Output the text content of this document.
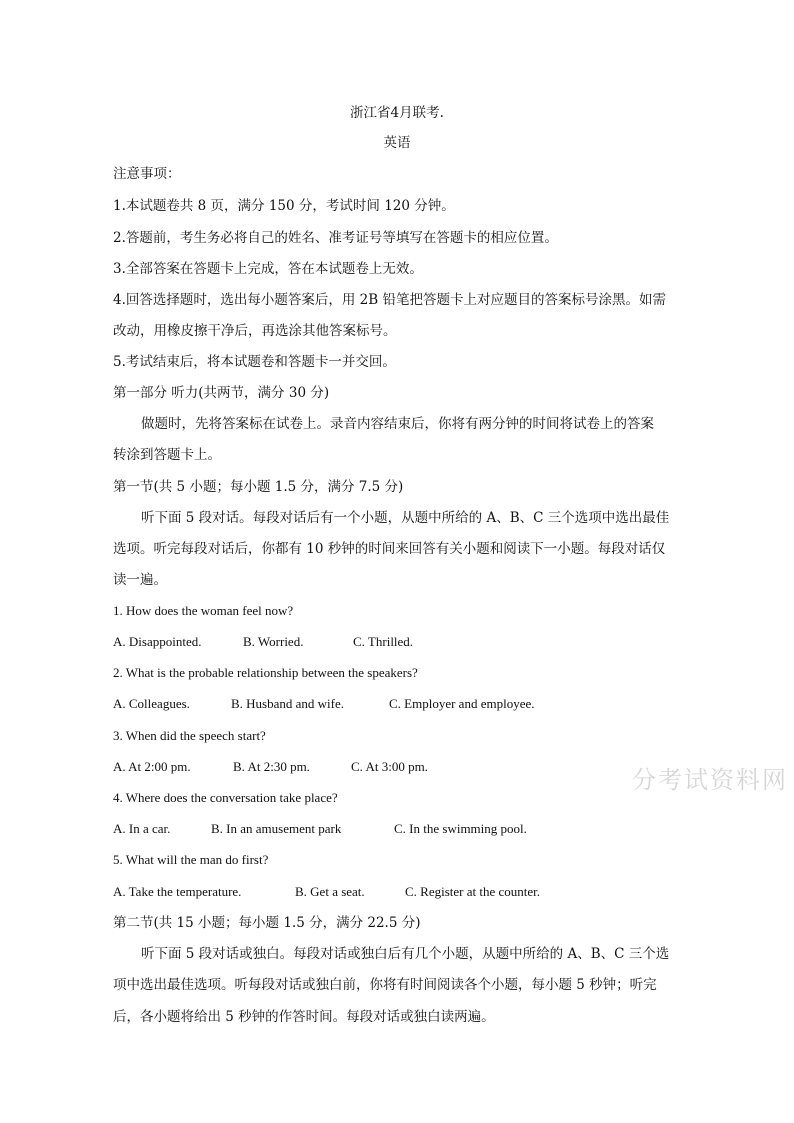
浙江省4月联考.
英语
注意事项：
1.本试题卷共 8 页，满分 150 分，考试时间 120 分钟。
2.答题前，考生务必将自己的姓名、准考证号等填写在答题卡的相应位置。
3.全部答案在答题卡上完成，答在本试题卷上无效。
4.回答选择题时，选出每小题答案后，用 2B 铅笔把答题卡上对应题目的答案标号涂黑。如需
改动，用橡皮擦干净后，再选涂其他答案标号。
5.考试结束后，将本试题卷和答题卡一并交回。
第一部分 听力(共两节，满分 30 分)
做题时，先将答案标在试卷上。录音内容结束后，你将有两分钟的时间将试卷上的答案
转涂到答题卡上。
第一节(共 5 小题；每小题 1.5 分，满分 7.5 分)
听下面 5 段对话。每段对话后有一个小题，从题中所给的 A、B、C 三个选项中选出最佳
选项。听完每段对话后，你都有 10 秒钟的时间来回答有关小题和阅读下一小题。每段对话仅
读一遍。
1. How does the woman feel now?
A. Disappointed.	B. Worried.	C. Thrilled.
2. What is the probable relationship between the speakers?
A. Colleagues.	B. Husband and wife.	C. Employer and employee.
3. When did the speech start?
A. At 2:00 pm.	B. At 2:30 pm.	C. At 3:00 pm.
4. Where does the conversation take place?
A. In a car.	B. In an amusement park	C. In the swimming pool.
5. What will the man do first?
A. Take the temperature.	B. Get a seat.	C. Register at the counter.
第二节(共 15 小题；每小题 1.5 分，满分 22.5 分)
听下面 5 段对话或独白。每段对话或独白后有几个小题，从题中所给的 A、B、C 三个选
项中选出最佳选项。听每段对话或独白前，你将有时间阅读各个小题，每小题 5 秒钟；听完
后，各小题将给出 5 秒钟的作答时间。每段对话或独白读两遍。
分考试资料网
